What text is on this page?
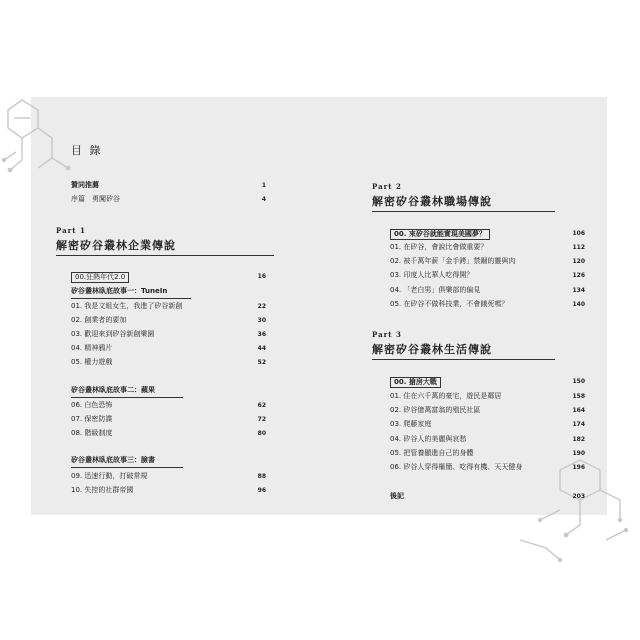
目 錄
贊同推薦	1
序篇　勇闖矽谷	4
Part 1
解密矽谷叢林企業傳說
00.狂熱年代2.0	16
矽谷叢林臥底故事一：TuneIn
01. 我是文組女生，我進了矽谷新創	22
02. 創業者的要加	30
03. 歡迎來到矽谷新創樂園	36
04. 精神鴉片	44
05. 權力遊戲	52
矽谷叢林臥底故事二：蘋果
06. 白色恐怖	62
07. 保密防諜	72
08. 階級制度	80
矽谷叢林臥底故事三：臉書
09. 迅速行動，打破常規	88
10. 失控的社群帝國	96
Part 2
解密矽谷叢林職場傳說
00. 來矽谷就能實現美國夢？	106
01. 在矽谷，會說比會做重要？	112
02. 被千萬年薪「金手銬」禁錮的靈與肉	120
03. 印度人比華人吃得開？	126
04. 「老白男」俱樂部的偏見	134
05. 在矽谷不做科技業，不會餓死嗎？	140
Part 3
解密矽谷叢林生活傳說
00. 搶房大戰	150
01. 住在六千萬的豪宅，遊民是鄰居	158
02. 矽谷億萬富翁的殖民社區	164
03. 爬藤家庭	174
04. 矽谷人的美麗與哀愁	182
05. 把管養顯進自己的身體	190
06. 矽谷人穿得樞簡、吃得有機、天天健身	196
後記	203
